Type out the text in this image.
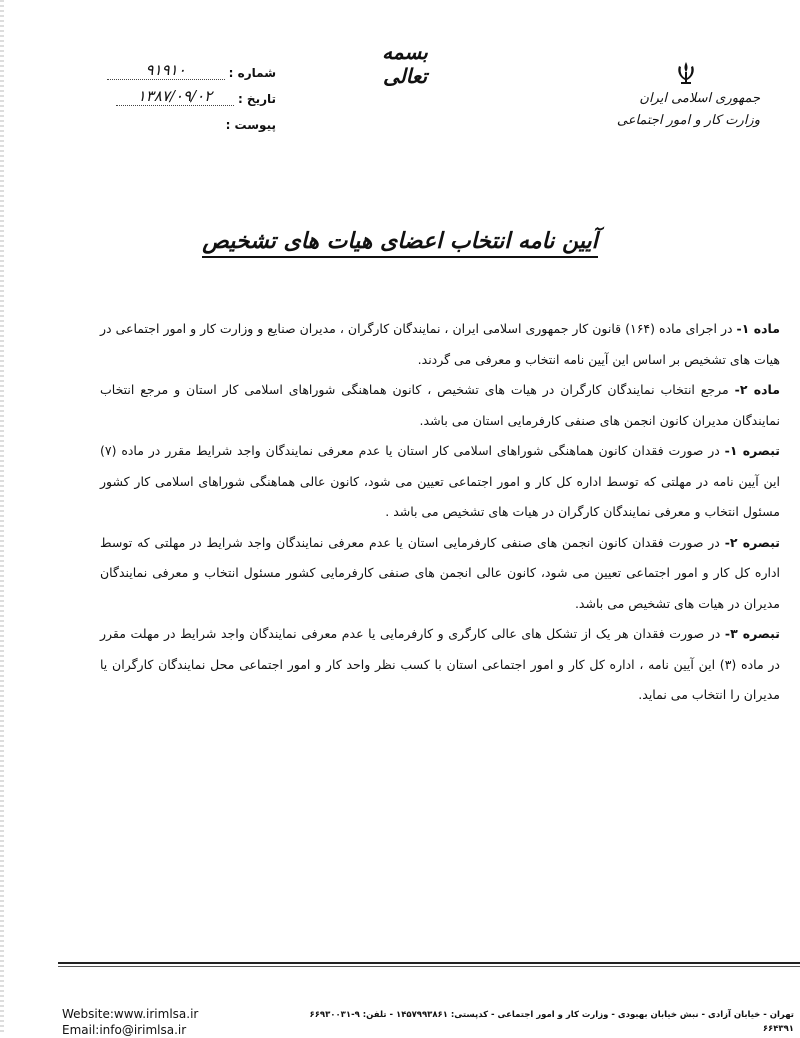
شماره :
۹۱۹۱۰
تاریخ :
۱۳۸۷/۰۹/۰۲
پیوست :
بسمه تعالی
جمهوری اسلامی ایران
وزارت کار و امور اجتماعی
آیین نامه انتخاب اعضای هیات های تشخیص

ماده ۱- در اجرای ماده (۱۶۴) قانون کار جمهوری اسلامی ایران ، نمایندگان کارگران ، مدیران صنایع و وزارت کار و امور اجتماعی در هیات های تشخیص بر اساس این آیین نامه انتخاب و معرفی می گردند.

ماده ۲- مرجع انتخاب نمایندگان کارگران در هیات های تشخیص ، کانون هماهنگی شوراهای اسلامی کار استان و مرجع انتخاب نمایندگان مدیران کانون انجمن های صنفی کارفرمایی استان می باشد.

تبصره ۱- در صورت فقدان کانون هماهنگی شوراهای اسلامی کار استان یا عدم معرفی نمایندگان واجد شرایط مقرر در ماده (۷) این آیین نامه در مهلتی که توسط اداره کل کار و امور اجتماعی تعیین می شود، کانون عالی هماهنگی شوراهای اسلامی کار کشور مسئول انتخاب و معرفی نمایندگان کارگران در هیات های تشخیص می باشد .

تبصره ۲- در صورت فقدان کانون انجمن های صنفی کارفرمایی استان یا عدم معرفی نمایندگان واجد شرایط در مهلتی که توسط اداره کل کار و امور اجتماعی تعیین می شود، کانون عالی انجمن های صنفی کارفرمایی کشور مسئول انتخاب و معرفی نمایندگان مدیران در هیات های تشخیص می باشد.

تبصره ۳- در صورت فقدان هر یک از تشکل های عالی کارگری و کارفرمایی یا عدم معرفی نمایندگان واجد شرایط در مهلت مقرر در ماده (۳) این آیین نامه ، اداره کل کار و امور اجتماعی استان با کسب نظر واحد کار و امور اجتماعی محل نمایندگان کارگران یا مدیران را انتخاب می نماید.

Website:www.irimlsa.ir
Email:info@irimlsa.ir
تهران - خیابان آزادی - نبش خیابان بهبودی - وزارت کار و امور اجتماعی - کدپستی: ۱۴۵۷۹۹۳۸۶۱ - تلفن: ۹-۶۶۹۳۰۰۳۱
۶۶۴۳۹۱
